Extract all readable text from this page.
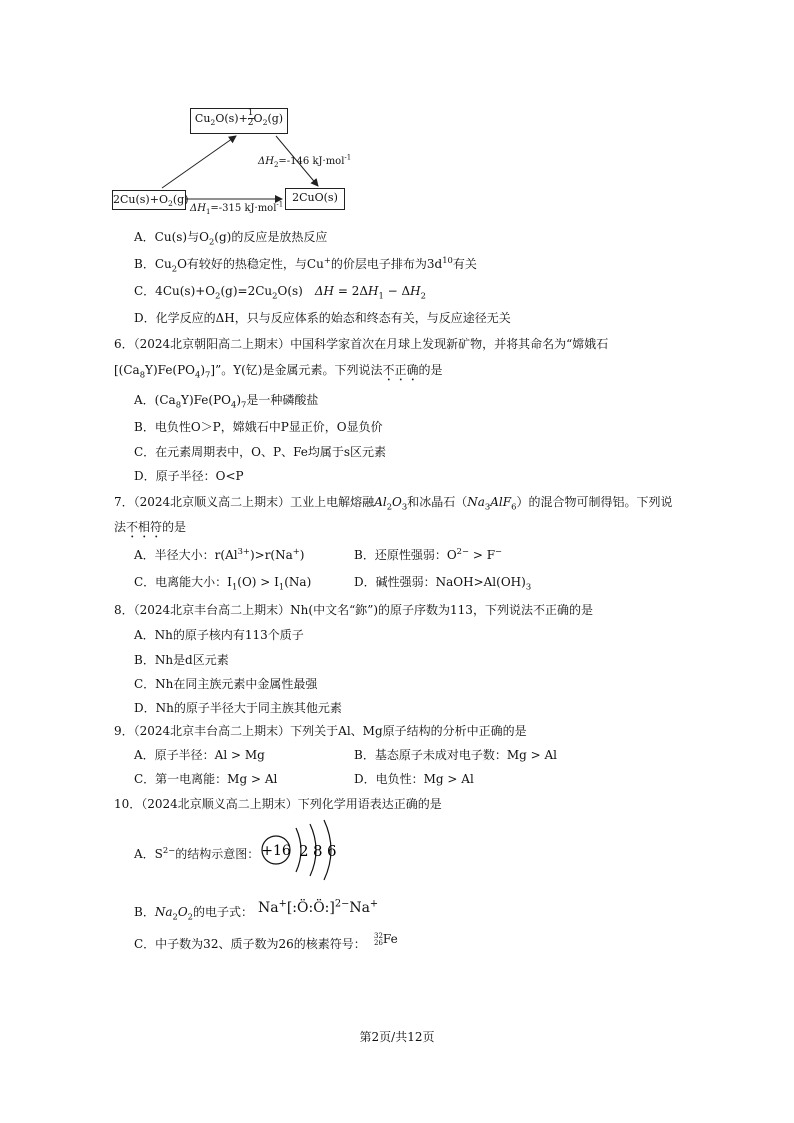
$Cu_2O(s)+ \frac{1}{2} O_2(g)$
$2Cu(s)+O_2(g)$	2CuO(s)
$\Delta H_2=-146$ kJ·mol$^{-1}$
$\Delta H_1=-315$ kJ·mol$^{-1}$
A．Cu(s)与$O_2(g)$的反应是放热反应
B．$Cu_2O$有较好的热稳定性，与Cu+的价层电子排布为$3d^{10}$有关
C．$4Cu(s)+O_2(g)=2Cu_2O(s)$　$\Delta H = 2\Delta H_1 - \Delta H_2$
D．化学反应的ΔH，只与反应体系的始态和终态有关，与反应途径无关
6．（2024北京朝阳高二上期末）中国科学家首次在月球上发现新矿物，并将其命名为“嫦娥石
$[(Ca_8Y)Fe(PO_4)_7]$”。Y(钇)是金属元素。下列说法不正确的是
A．$(Ca_8Y)Fe(PO_4)_7$是一种磷酸盐
B．电负性O＞P，嫦娥石中P显正价，O显负价
C．在元素周期表中，O、P、Fe均属于s区元素
D．原子半径：O<P
7．（2024北京顺义高二上期末）工业上电解熔融$Al_2O_3$和冰晶石$(Na_3AlF_6)$的混合物可制得铝。下列说
法不相符的是
A．半径大小：$r(Al^{3+})>r(Na^+)$	B．还原性强弱：$O^{2-} > F^-$
C．电离能大小：$I_1(O) > I_1(Na)$	D．碱性强弱：$NaOH>Al(OH)_3$
8．（2024北京丰台高二上期末）Nh(中文名“鉨”)的原子序数为113，下列说法不正确的是
A．Nh的原子核内有113个质子
B．Nh是d区元素
C．Nh在同主族元素中金属性最强
D．Nh的原子半径大于同主族其他元素
9．（2024北京丰台高二上期末）下列关于Al、Mg原子结构的分析中正确的是
A．原子半径：Al > Mg	B．基态原子未成对电子数：Mg > Al
C．第一电离能：Mg > Al	D．电负性：Mg > Al
10．（2024北京顺义高二上期末）下列化学用语表达正确的是
A．$S^{2-}$的结构示意图： +16 2 8 6
B．$Na_2O_2$的电子式： Na+[:Ö:Ö:]$^{2-}$Na+
C．中子数为32、质子数为26的核素符号：
32
26 Fe
第2页/共12页
